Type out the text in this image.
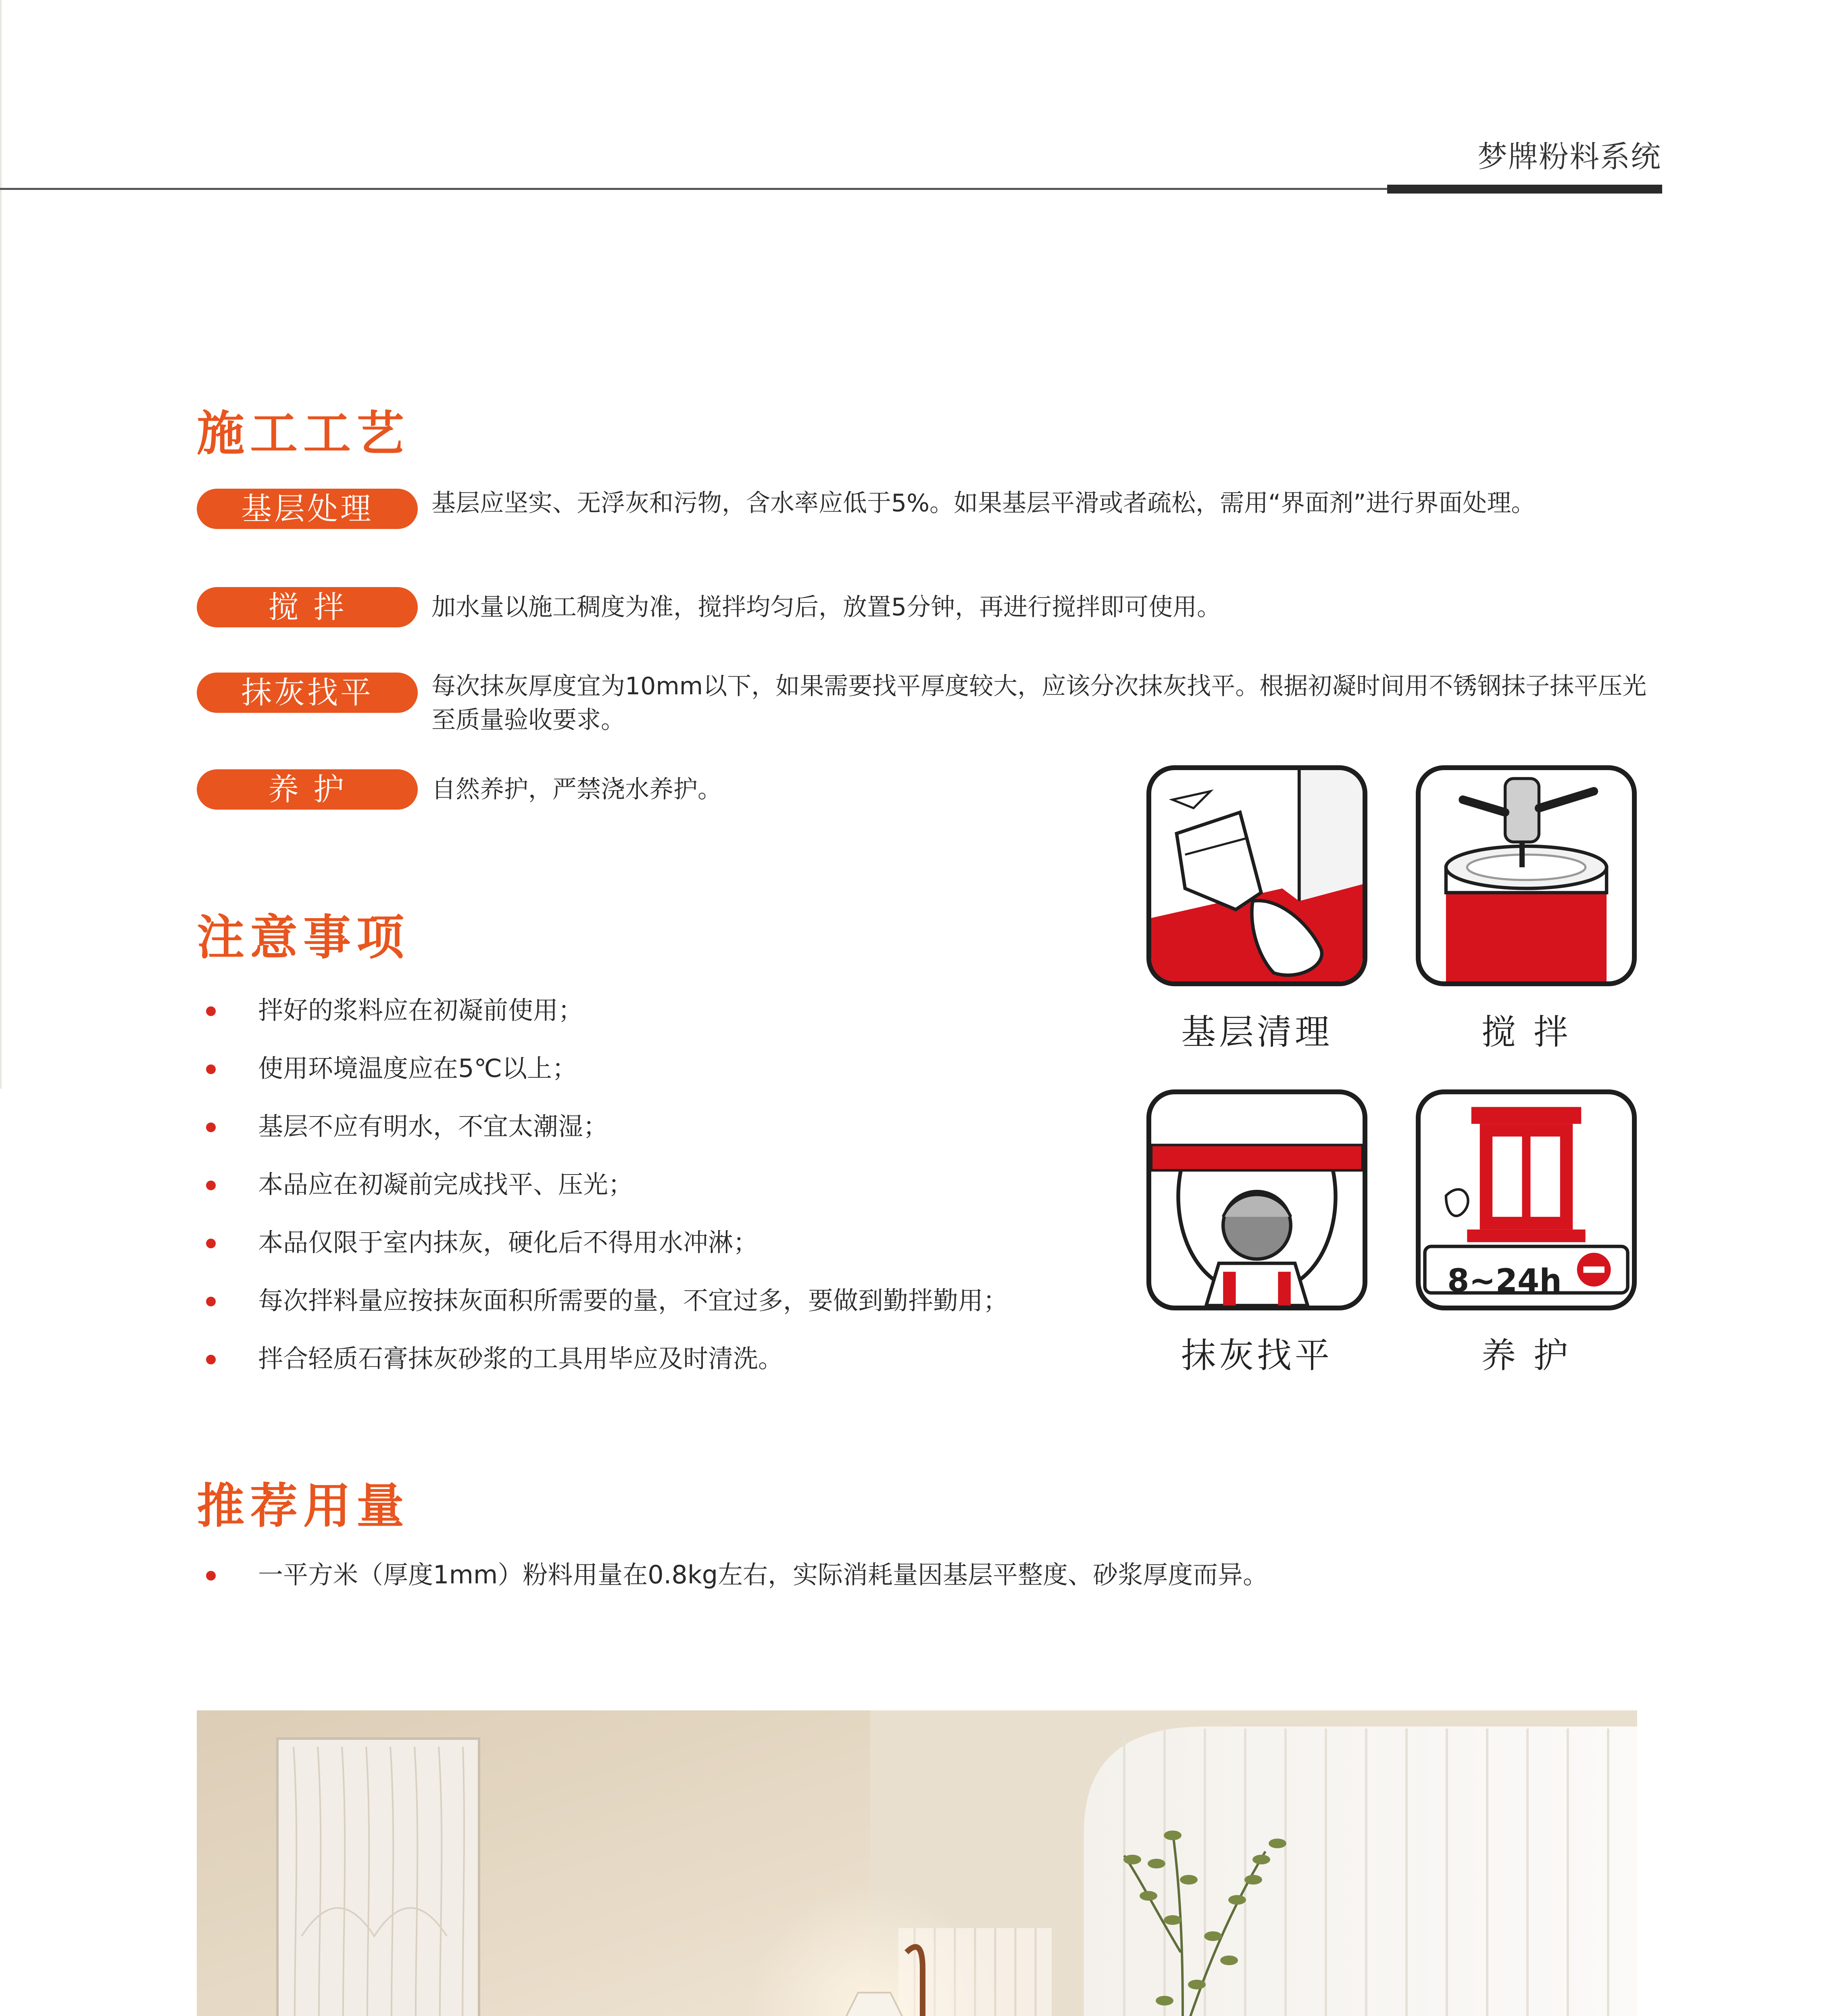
梦牌粉料系统
施工工艺
基层处理	基层应坚实、无浮灰和污物，含水率应低于5%。如果基层平滑或者疏松，需用“界面剂”进行界面处理。
搅 拌	加水量以施工稠度为准，搅拌均匀后，放置5分钟，再进行搅拌即可使用。
抹灰找平	每次抹灰厚度宜为10mm以下，如果需要找平厚度较大，应该分次抹灰找平。根据初凝时间用不锈钢抹子抹平压光至质量验收要求。
养 护	自然养护，严禁浇水养护。
注意事项
拌好的浆料应在初凝前使用；
使用环境温度应在5℃以上；
基层不应有明水，不宜太潮湿；
本品应在初凝前完成找平、压光；
本品仅限于室内抹灰，硬化后不得用水冲淋；
每次拌料量应按抹灰面积所需要的量，不宜过多，要做到勤拌勤用；
拌合轻质石膏抹灰砂浆的工具用毕应及时清洗。
基层清理	搅 拌
抹灰找平
8~24h
养 护
推荐用量
一平方米（厚度1mm）粉料用量在0.8kg左右，实际消耗量因基层平整度、砂浆厚度而异。
